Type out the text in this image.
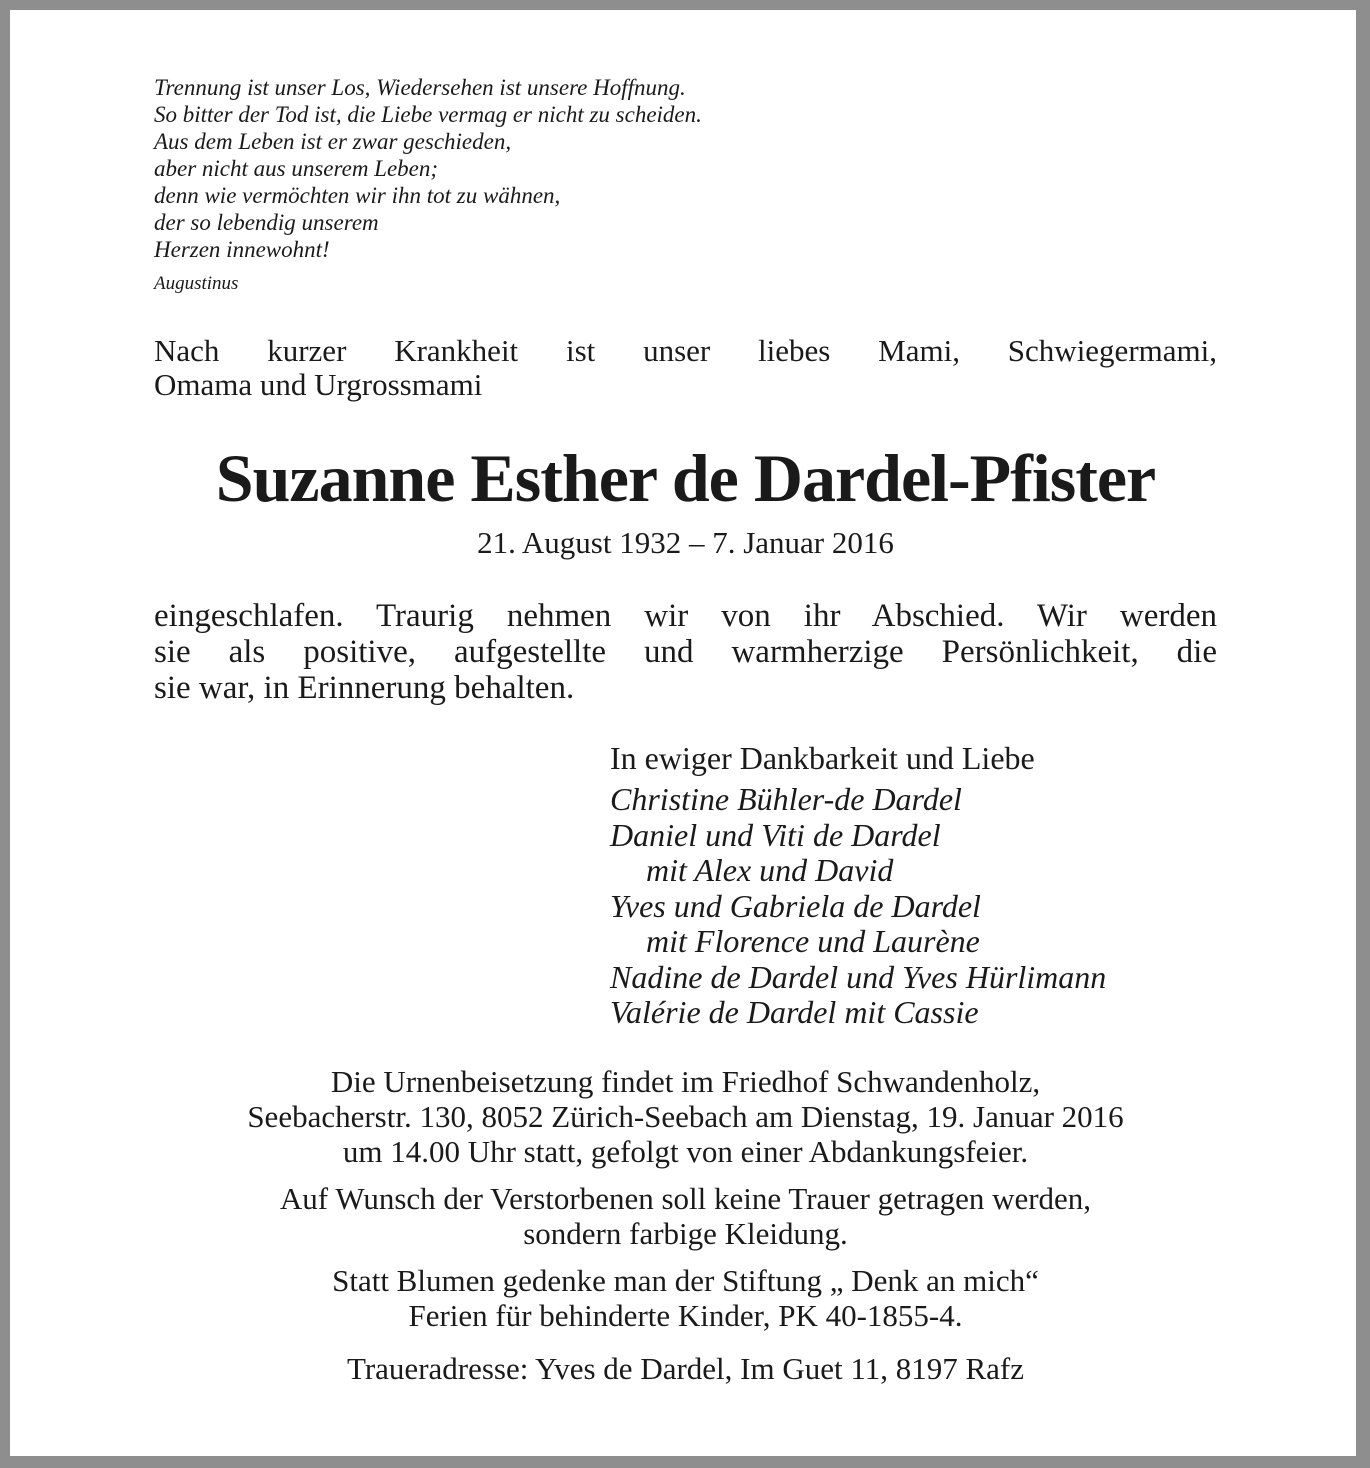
Trennung ist unser Los, Wiedersehen ist unsere Hoffnung.
So bitter der Tod ist, die Liebe vermag er nicht zu scheiden.
Aus dem Leben ist er zwar geschieden,
aber nicht aus unserem Leben;
denn wie vermöchten wir ihn tot zu wähnen,
der so lebendig unserem
Herzen innewohnt!
Augustinus
Nach kurzer Krankheit ist unser liebes Mami, Schwiegermami,
Omama und Urgrossmami
Suzanne Esther de Dardel-Pfister
21. August 1932 – 7. Januar 2016
eingeschlafen. Traurig nehmen wir von ihr Abschied. Wir werden
sie als positive, aufgestellte und warmherzige Persönlichkeit, die
sie war, in Erinnerung behalten.
In ewiger Dankbarkeit und Liebe
Christine Bühler-de Dardel
Daniel und Viti de Dardel
mit Alex und David
Yves und Gabriela de Dardel
mit Florence und Laurène
Nadine de Dardel und Yves Hürlimann
Valérie de Dardel mit Cassie
Die Urnenbeisetzung findet im Friedhof Schwandenholz,
Seebacherstr. 130, 8052 Zürich-Seebach am Dienstag, 19. Januar 2016
um 14.00 Uhr statt, gefolgt von einer Abdankungsfeier.
Auf Wunsch der Verstorbenen soll keine Trauer getragen werden,
sondern farbige Kleidung.
Statt Blumen gedenke man der Stiftung „ Denk an mich“
Ferien für behinderte Kinder, PK 40-1855-4.
Traueradresse: Yves de Dardel, Im Guet 11, 8197 Rafz
